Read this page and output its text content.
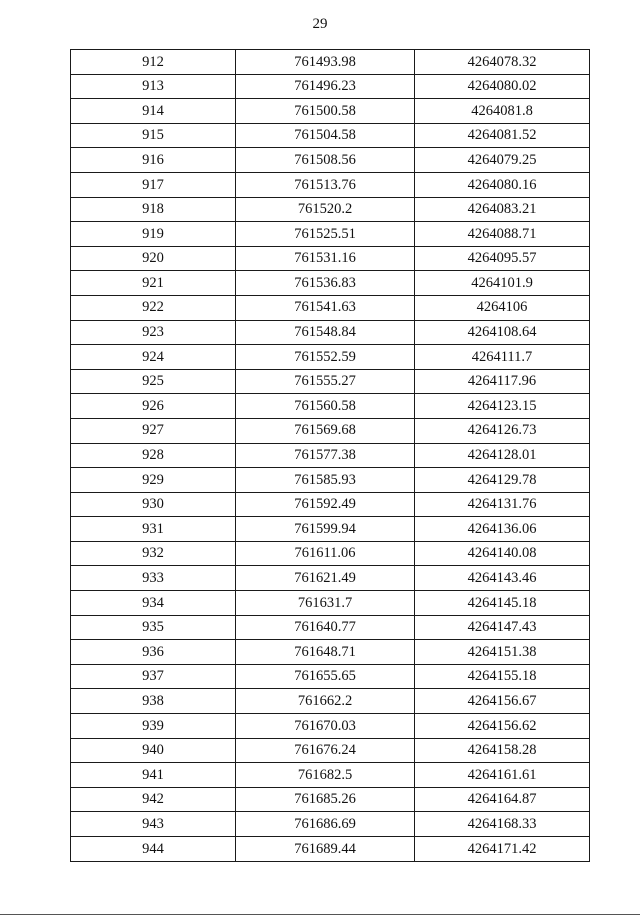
29
912	761493.98	4264078.32
913	761496.23	4264080.02
914	761500.58	4264081.8
915	761504.58	4264081.52
916	761508.56	4264079.25
917	761513.76	4264080.16
918	761520.2	4264083.21
919	761525.51	4264088.71
920	761531.16	4264095.57
921	761536.83	4264101.9
922	761541.63	4264106
923	761548.84	4264108.64
924	761552.59	4264111.7
925	761555.27	4264117.96
926	761560.58	4264123.15
927	761569.68	4264126.73
928	761577.38	4264128.01
929	761585.93	4264129.78
930	761592.49	4264131.76
931	761599.94	4264136.06
932	761611.06	4264140.08
933	761621.49	4264143.46
934	761631.7	4264145.18
935	761640.77	4264147.43
936	761648.71	4264151.38
937	761655.65	4264155.18
938	761662.2	4264156.67
939	761670.03	4264156.62
940	761676.24	4264158.28
941	761682.5	4264161.61
942	761685.26	4264164.87
943	761686.69	4264168.33
944	761689.44	4264171.42
